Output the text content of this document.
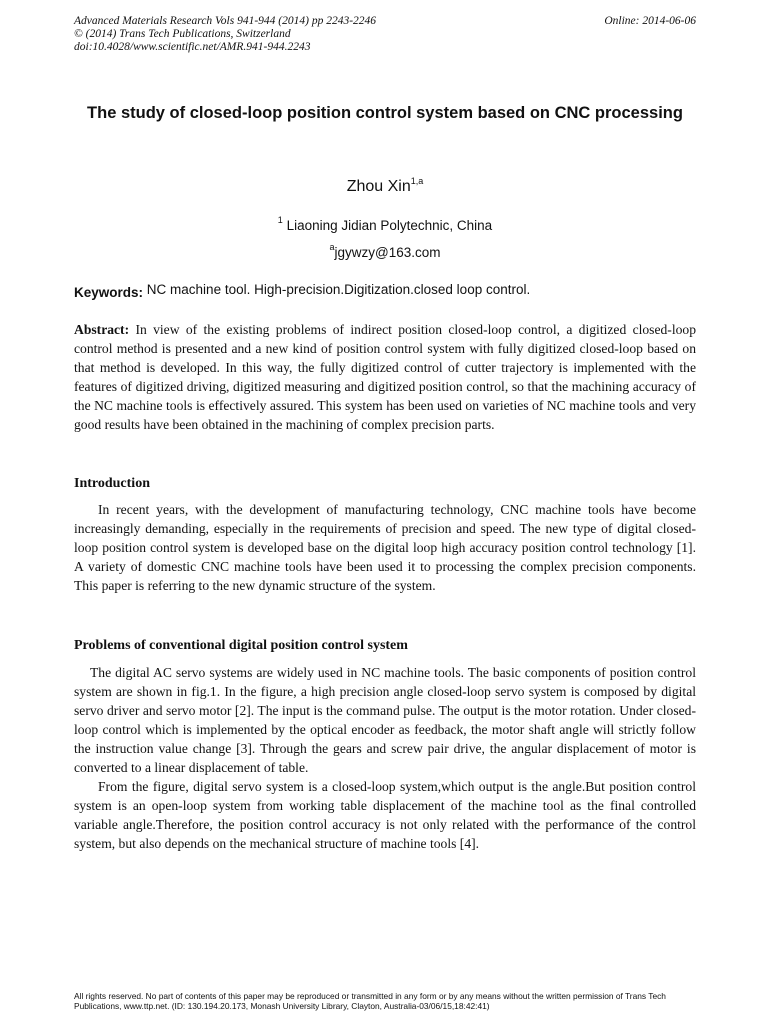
Advanced Materials Research Vols 941-944 (2014) pp 2243-2246
© (2014) Trans Tech Publications, Switzerland
doi:10.4028/www.scientific.net/AMR.941-944.2243
Online: 2014-06-06
The study of closed-loop position control system based on CNC processing
Zhou Xin$^{1,a}$
$^1$ Liaoning Jidian Polytechnic, China
$^a$jgywzy@163.com
Keywords: NC machine tool. High-precision.Digitization.closed loop control.

Abstract: In view of the existing problems of indirect position closed-loop control, a digitized closed-loop control method is presented and a new kind of position control system with fully digitized closed-loop based on that method is developed. In this way, the fully digitized control of cutter trajectory is implemented with the features of digitized driving, digitized measuring and digitized position control, so that the machining accuracy of the NC machine tools is effectively assured. This system has been used on varieties of NC machine tools and very good results have been obtained in the machining of complex precision parts.

Introduction

In recent years, with the development of manufacturing technology, CNC machine tools have become increasingly demanding, especially in the requirements of precision and speed. The new type of digital closed-loop position control system is developed base on the digital loop high accuracy position control technology [1]. A variety of domestic CNC machine tools have been used it to processing the complex precision components. This paper is referring to the new dynamic structure of the system.

Problems of conventional digital position control system

The digital AC servo systems are widely used in NC machine tools. The basic components of position control system are shown in fig.1. In the figure, a high precision angle closed-loop servo system is composed by digital servo driver and servo motor [2]. The input is the command pulse. The output is the motor rotation. Under closed-loop control which is implemented by the optical encoder as feedback, the motor shaft angle will strictly follow the instruction value change [3]. Through the gears and screw pair drive, the angular displacement of motor is converted to a linear displacement of table.

From the figure, digital servo system is a closed-loop system,which output is the angle.But position control system is an open-loop system from working table displacement of the machine tool as the final controlled variable angle.Therefore, the position control accuracy is not only related with the performance of the control system, but also depends on the mechanical structure of machine tools [4].

All rights reserved. No part of contents of this paper may be reproduced or transmitted in any form or by any means without the written permission of Trans Tech Publications, www.ttp.net. (ID: 130.194.20.173, Monash University Library, Clayton, Australia-03/06/15,18:42:41)
